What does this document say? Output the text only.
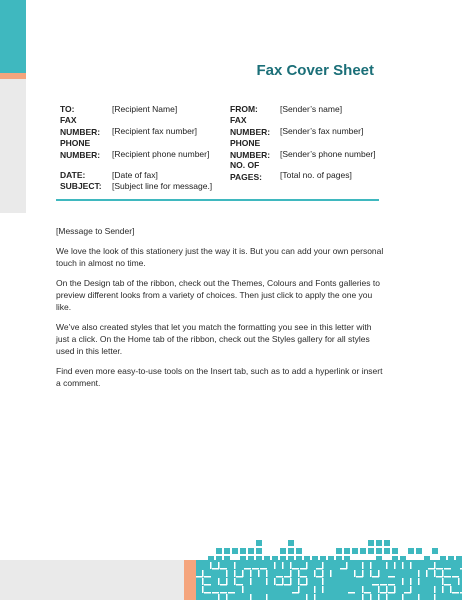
Fax Cover Sheet
TO:
FAX NUMBER:
PHONE NUMBER:
DATE:
SUBJECT:
[Recipient Name]
[Recipient fax number]
[Recipient phone number]
[Date of fax]
[Subject line for message.]
FROM:
FAX NUMBER:
PHONE NUMBER:
NO. OF PAGES:
[Sender’s name]
[Sender’s fax number]
[Sender’s phone number]
[Total no. of pages]

[Message to Sender]

We love the look of this stationery just the way it is. But you can add your own personal touch in almost no time.

On the Design tab of the ribbon, check out the Themes, Colours and Fonts galleries to preview different looks from a variety of choices. Then just click to apply the one you like.

We’ve also created styles that let you match the formatting you see in this letter with just a click. On the Home tab of the ribbon, check out the Styles gallery for all styles used in this letter.

Find even more easy-to-use tools on the Insert tab, such as to add a hyperlink or insert a comment.
